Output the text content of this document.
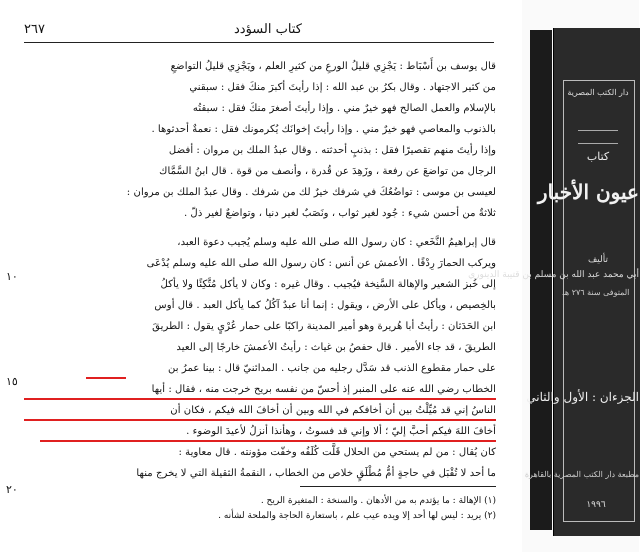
كتاب السؤدد
٢٦٧
قال يوسف بن أَسْبَاط : يَجْزِي قليلُ الورعِ من كثيرِ العلم ، ويَجْزِي قليلُ التواضعِ
من كثير الاجتهاد . وقال بكرُ بن عبد الله : إذا رأيتَ أكبرَ منكَ فقل : سبقني
بالإسلام والعمل الصالح فهو خيرٌ مني . وإذا رأيتَ أصغرَ منكَ فقل : سبقتُه
بالذنوب والمعاصي فهو خيرٌ مني . وإذا رأيتَ إخوانَك يُكرمونك فقل : نعمةٌ أحدثوها .
وإذا رأيتَ منهم تقصيرًا فقل : بذنبٍ أحدثته . وقال عبدُ الملك بن مروان : أفضل
الرجال من تواضعَ عن رفعة ، وزَهِدَ عن قُدرة ، وأنصف من قوة . قال ابنُ السَّمَّاك
لعيسى بن موسى : تواضُعُكَ في شرفك خيرٌ لك من شرفك . وقال عبدُ الملك بن مروان :
ثلاثةٌ من أحسن شيء : جُود لغير ثواب ، ونَصَبٌ لغير دنيا ، وتواضعٌ لغير ذلّ .
قال إبراهيمُ النَّخَعي : كان رسول الله صلى الله عليه وسلم يُجيب دعوة العبد،
ويركب الحمارَ رِدْفًا . الأعمش عن أنس : كان رسول الله صلى الله عليه وسلم يُدْعَى
إلى خُبز الشعير والإهالة السَّنِخة فيُجيب . وقال غيره : وكان لا يأكل مُتَّكِئًا ولا يأكلُ
بالخِصيص ، ويأكل على الأرض ، ويقول : إنما أنا عبدٌ آكُلُ كما يأكل العبد . قال أوس
ابن الحَدَثان : رأيتُ أبا هُريرة وهو أمير المدينة راكبًا على حمار عُرْيٍ يقول : الطريقَ
الطريقَ ، قد جاء الأمير . قال حفصُ بن غياث : رأيتُ الأعمشَ خارجًا إلى العيد
على حمار مقطوع الذنب قد سَدَّل رجليه من جانب . المدائنيّ قال : بينا عمرُ بن
الخطاب رضي الله عنه على المنبر إذ أحسّ من نفسه بريح خرجت منه ، فقال : أيها
الناسُ إني قد مُيِّلْتُ بين أن أخافكم في الله وبين أن أخافَ الله فيكم ، فكان أن
أخافَ اللهَ فيكم أحبَّ إليّ ؛ ألا وإني قد فسوتُ ، وهأنذا أنزلُ لأعيدَ الوضوء .
كان يُقال : من لم يستحي من الحلال قَلَّت كُلَفُه وخفّت مؤونته . قال معاوية :
ما أحد لا تُقْبَل في حاجةٍ أمُّ مُطْلَقٍ خلاص من الخطاب ، النقمةُ الثقيلة التي لا يخرج منها
١٠
١٥
٢٠
(١) الإهالة : ما يؤتدم به من الأدهان . والسنخة : المتغيرة الريح .
(٢) يريد : ليس لها أحد إلا ويده عيب علم ، باستعارة الحاجة والملحة لشأنه .
دار الكتب المصرية
كتاب
عيون الأخبار
تأليف
أبي محمد عبد الله بن مسلم بن قتيبة الدينوري
المتوفى سنة ٢٧٦ هـ
الجزءان : الأول والثاني
مطبعة دار الكتب المصرية بالقاهرة
١٩٩٦
